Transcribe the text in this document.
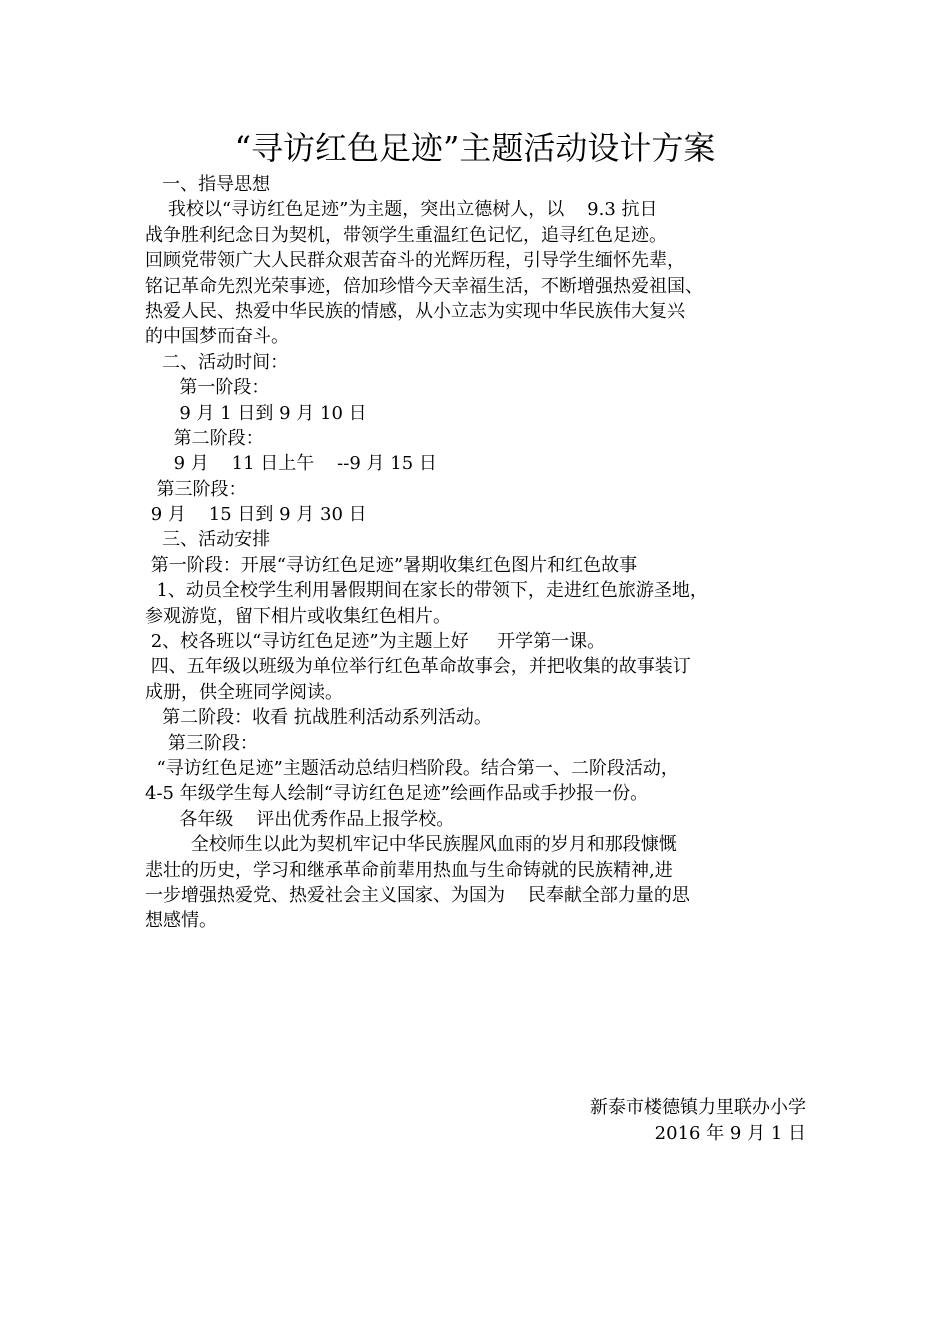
“寻访红色足迹”主题活动设计方案
一、指导思想
我校以“寻访红色足迹”为主题，突出立德树人，以    9.3 抗日
战争胜利纪念日为契机，带领学生重温红色记忆，追寻红色足迹。
回顾党带领广大人民群众艰苦奋斗的光辉历程，引导学生缅怀先辈，
铭记革命先烈光荣事迹，倍加珍惜今天幸福生活，不断增强热爱祖国、
热爱人民、热爱中华民族的情感，从小立志为实现中华民族伟大复兴
的中国梦而奋斗。
二、活动时间：
第一阶段：
9 月 1 日到 9 月 10 日
第二阶段：
9 月    11 日上午    --9 月 15 日
第三阶段：
9 月    15 日到 9 月 30 日
三、活动安排
第一阶段：开展“寻访红色足迹”暑期收集红色图片和红色故事
1、动员全校学生利用暑假期间在家长的带领下，走进红色旅游圣地，
参观游览，留下相片或收集红色相片。
2、校各班以“寻访红色足迹”为主题上好     开学第一课。
四、五年级以班级为单位举行红色革命故事会，并把收集的故事装订
成册，供全班同学阅读。
第二阶段：收看 抗战胜利活动系列活动。
第三阶段：
“寻访红色足迹”主题活动总结归档阶段。结合第一、二阶段活动，
4-5 年级学生每人绘制“寻访红色足迹”绘画作品或手抄报一份。
各年级    评出优秀作品上报学校。
全校师生以此为契机牢记中华民族腥风血雨的岁月和那段慷慨
悲壮的历史，学习和继承革命前辈用热血与生命铸就的民族精神,进
一步增强热爱党、热爱社会主义国家、为国为    民奉献全部力量的思
想感情。
新泰市楼德镇力里联办小学
2016 年 9 月 1 日
